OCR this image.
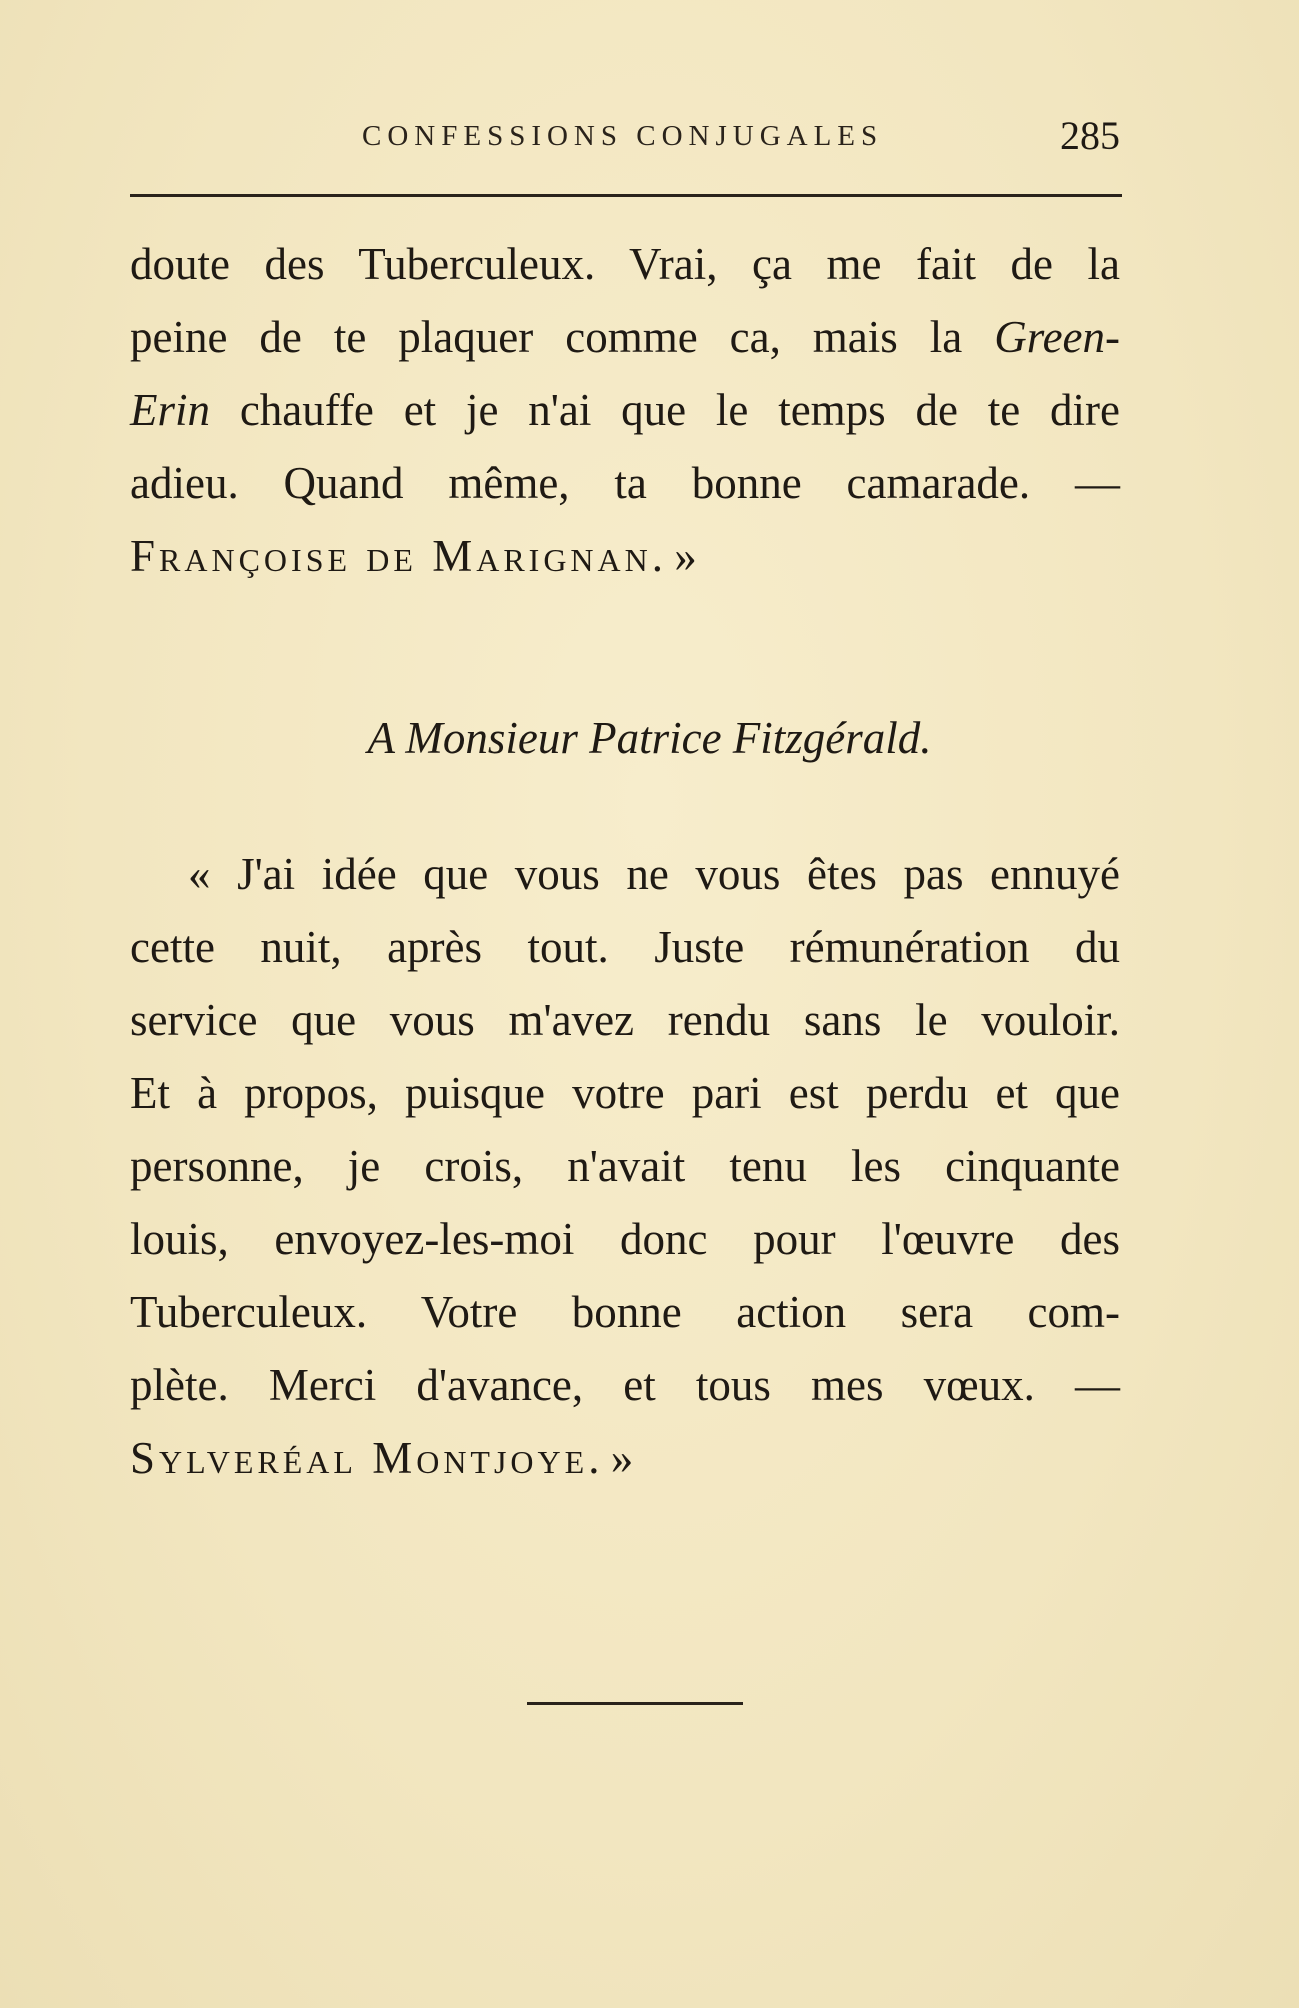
CONFESSIONS CONJUGALES	285
doute des Tuberculeux. Vrai, ça me fait de la
peine de te plaquer comme ca, mais la Green-
Erin chauffe et je n'ai que le temps de te dire
adieu. Quand même, ta bonne camarade. —
Françoise de Marignan. »
A Monsieur Patrice Fitzgérald.
« J'ai idée que vous ne vous êtes pas ennuyé
cette nuit, après tout. Juste rémunération du
service que vous m'avez rendu sans le vouloir.
Et à propos, puisque votre pari est perdu et que
personne, je crois, n'avait tenu les cinquante
louis, envoyez-les-moi donc pour l'œuvre des
Tuberculeux. Votre bonne action sera com-
plète. Merci d'avance, et tous mes vœux. —
Sylveréal Montjoye. »
